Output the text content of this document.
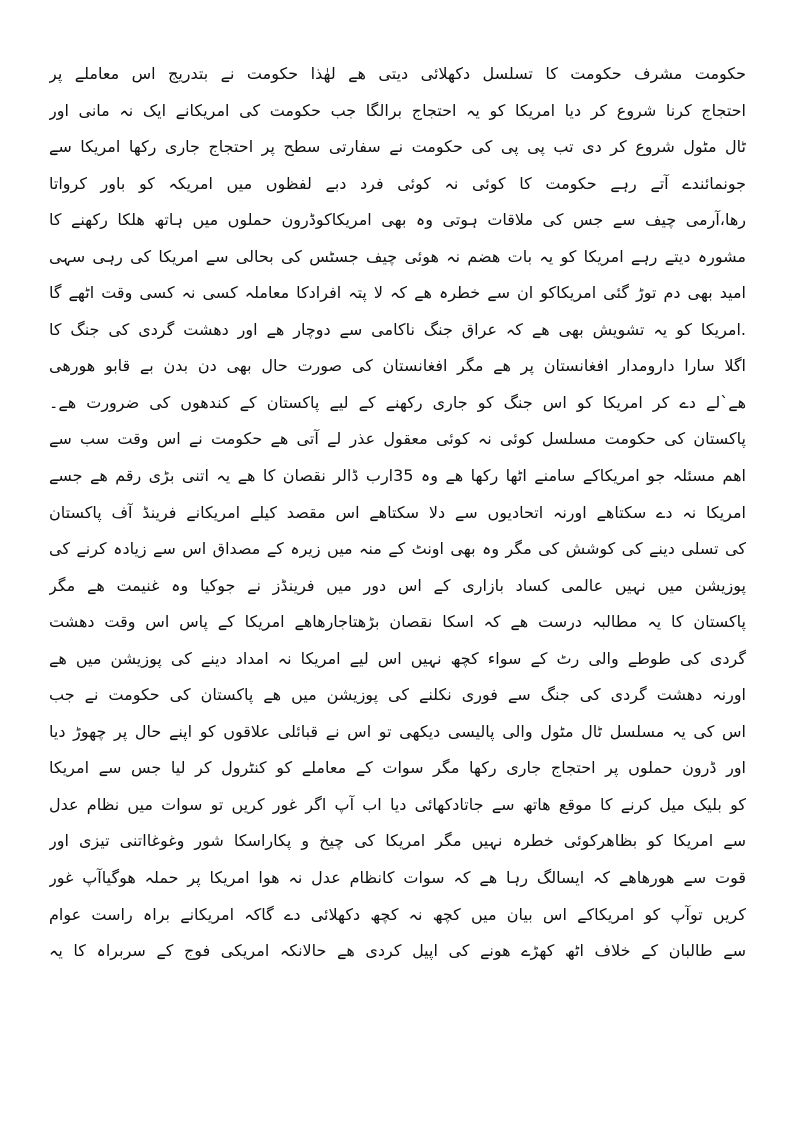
حکومت مشرف حکومت کا تسلسل دکھلائی دیتی ھے لھٰذا حکومت نے بتدریج اس معاملے پر
احتجاج کرنا شروع کر دیا امریکا کو یہ احتجاج برالگا جب حکومت کی امریکانے ایک نہ مانی اور
ٹال مٹول شروع کر دی تب پی پی کی حکومت نے سفارتی سطح پر احتجاج جاری رکھا امریکا سے
جونمائندے آتے رہے حکومت کا کوئی نہ کوئی فرد دبے لفظوں میں امریکہ کو باور کرواتا
رھا،آرمی چیف سے جس کی ملاقات ہوتی وہ بھی امریکاکوڈرون حملوں میں ہاتھ ھلکا رکھنے کا
مشورہ دیتے رہے امریکا کو یہ بات ھضم نہ ھوئی چیف جسٹس کی بحالی سے امریکا کی رہی سہی
امید بھی دم توڑ گئی امریکاکو ان سے خطرہ ھے کہ لا پتہ افرادکا معاملہ کسی نہ کسی وقت اٹھے گا
.امریکا کو یہ تشویش بھی ھے کہ عراق جنگ ناکامی سے دوچار ھے اور دھشت گردی کی جنگ کا
اگلا سارا دارومدار افغانستان پر ھے مگر افغانستان کی صورت حال بھی دن بدن بے قابو ھورھی
ھے`لے دے کر امریکا کو اس جنگ کو جاری رکھنے کے لیے پاکستان کے کندھوں کی ضرورت ھے۔
پاکستان کی حکومت مسلسل کوئی نہ کوئی معقول عذر لے آتی ھے حکومت نے اس وقت سب سے
اھم مسئلہ جو امریکاکے سامنے اٹھا رکھا ھے وہ 35ارب ڈالر نقصان کا ھے یہ اتنی بڑی رقم ھے جسے
امریکا نہ دے سکتاھے اورنہ اتحادیوں سے دلا سکتاھے اس مقصد کیلے امریکانے فرینڈ آف پاکستان
کی تسلی دینے کی کوشش کی مگر وہ بھی اونٹ کے منہ میں زیرہ کے مصداق اس سے زیادہ کرنے کی
پوزیشن میں نہیں عالمی کساد بازاری کے اس دور میں فرینڈز نے جوکیا وہ غنیمت ھے مگر
پاکستان کا یہ مطالبہ درست ھے کہ اسکا نقصان بڑھتاجارھاھے امریکا کے پاس اس وقت دھشت
گردی کی طوطے والی رٹ کے سواء کچھ نہیں اس لیے امریکا نہ امداد دینے کی پوزیشن میں ھے
اورنہ دھشت گردی کی جنگ سے فوری نکلنے کی پوزیشن میں ھے پاکستان کی حکومت نے جب
اس کی یہ مسلسل ٹال مٹول والی پالیسی دیکھی تو اس نے قبائلی علاقوں کو اپنے حال پر چھوڑ دیا
اور ڈرون حملوں پر احتجاج جاری رکھا مگر سوات کے معاملے کو کنٹرول کر لیا جس سے امریکا
کو بلیک میل کرنے کا موقع ھاتھ سے جاتادکھائی دیا اب آپ اگر غور کریں تو سوات میں نظام عدل
سے امریکا کو بظاھرکوئی خطرہ نہیں مگر امریکا کی چیخ و پکاراسکا شور وغوغااتنی تیزی اور
قوت سے ھورھاھے کہ ایسالگ رہا ھے کہ سوات کانظام عدل نہ ھوا امریکا پر حملہ ھوگیاآپ غور
کریں توآپ کو امریکاکے اس بیان میں کچھ نہ کچھ دکھلائی دے گاکہ امریکانے براہ راست عوام
سے طالبان کے خلاف اٹھ کھڑے ھونے کی اپیل کردی ھے حالانکہ امریکی فوج کے سربراہ کا یہ
